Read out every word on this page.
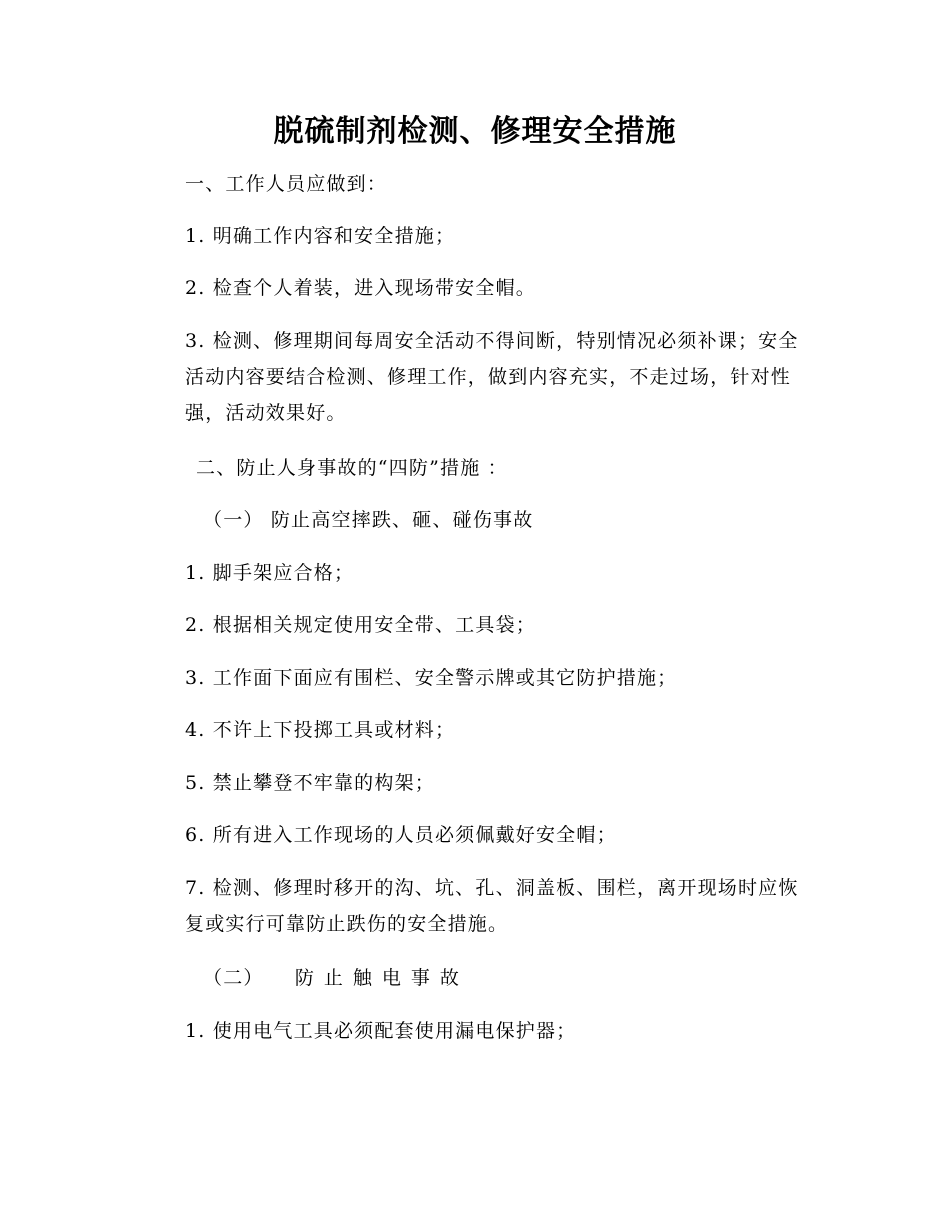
脱硫制剂检测、修理安全措施
一、工作人员应做到：
1. 明确工作内容和安全措施；
2. 检查个人着装，进入现场带安全帽。
3. 检测、修理期间每周安全活动不得间断，特别情况必须补课；安全活动内容要结合检测、修理工作，做到内容充实，不走过场，针对性强，活动效果好。
二、防止人身事故的“四防”措施 ：
（一） 防止高空摔跌、砸、碰伤事故
1. 脚手架应合格；
2. 根据相关规定使用安全带、工具袋；
3. 工作面下面应有围栏、安全警示牌或其它防护措施；
4. 不许上下投掷工具或材料；
5. 禁止攀登不牢靠的构架；
6. 所有进入工作现场的人员必须佩戴好安全帽；
7. 检测、修理时移开的沟、坑、孔、洞盖板、围栏，离开现场时应恢复或实行可靠防止跌伤的安全措施。
（二） 防止触电事故
1. 使用电气工具必须配套使用漏电保护器；
